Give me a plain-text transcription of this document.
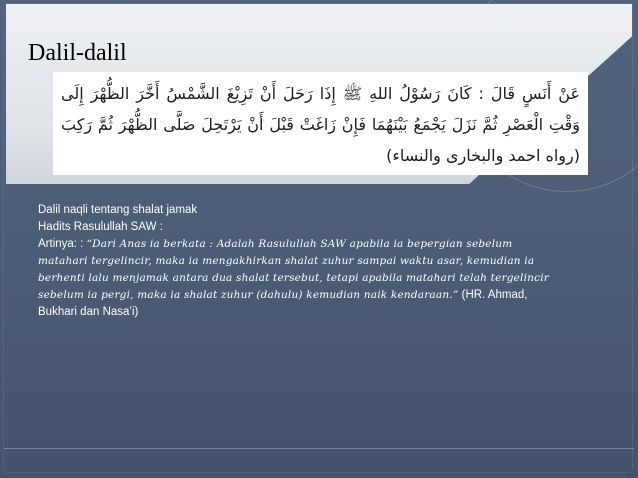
Dalil-dalil
عَنْ أَنَسٍ قَالَ : كَانَ رَسُوْلُ اللهِ ﷺ إِذَا رَحَلَ أَنْ تَزِيْغَ الشَّمْسُ أَخَّرَ الظُّهْرَ إِلَى وَقْتِ الْعَصْرِ ثُمَّ نَزَلَ يَجْمَعُ بَيْنَهُمَا فَإِنْ زَاغَتْ قَبْلَ أَنْ يَرْتَحِلَ صَلَّى الظُّهْرَ ثُمَّ رَكِبَ (رواه احمد والبخارى والنساء)
Dalil naqli tentang shalat jamak
Hadits Rasulullah SAW :
Artinya: : “Dari Anas ia berkata : Adalah Rasulullah SAW apabila ia bepergian sebelum matahari tergelincir, maka ia mengakhirkan shalat zuhur sampai waktu asar, kemudian ia berhenti lalu menjamak antara dua shalat tersebut, tetapi apabila matahari telah tergelincir sebelum ia pergi, maka ia shalat zuhur (dahulu) kemudian naik kendaraan.” (HR. Ahmad, Bukhari dan Nasa’i)
